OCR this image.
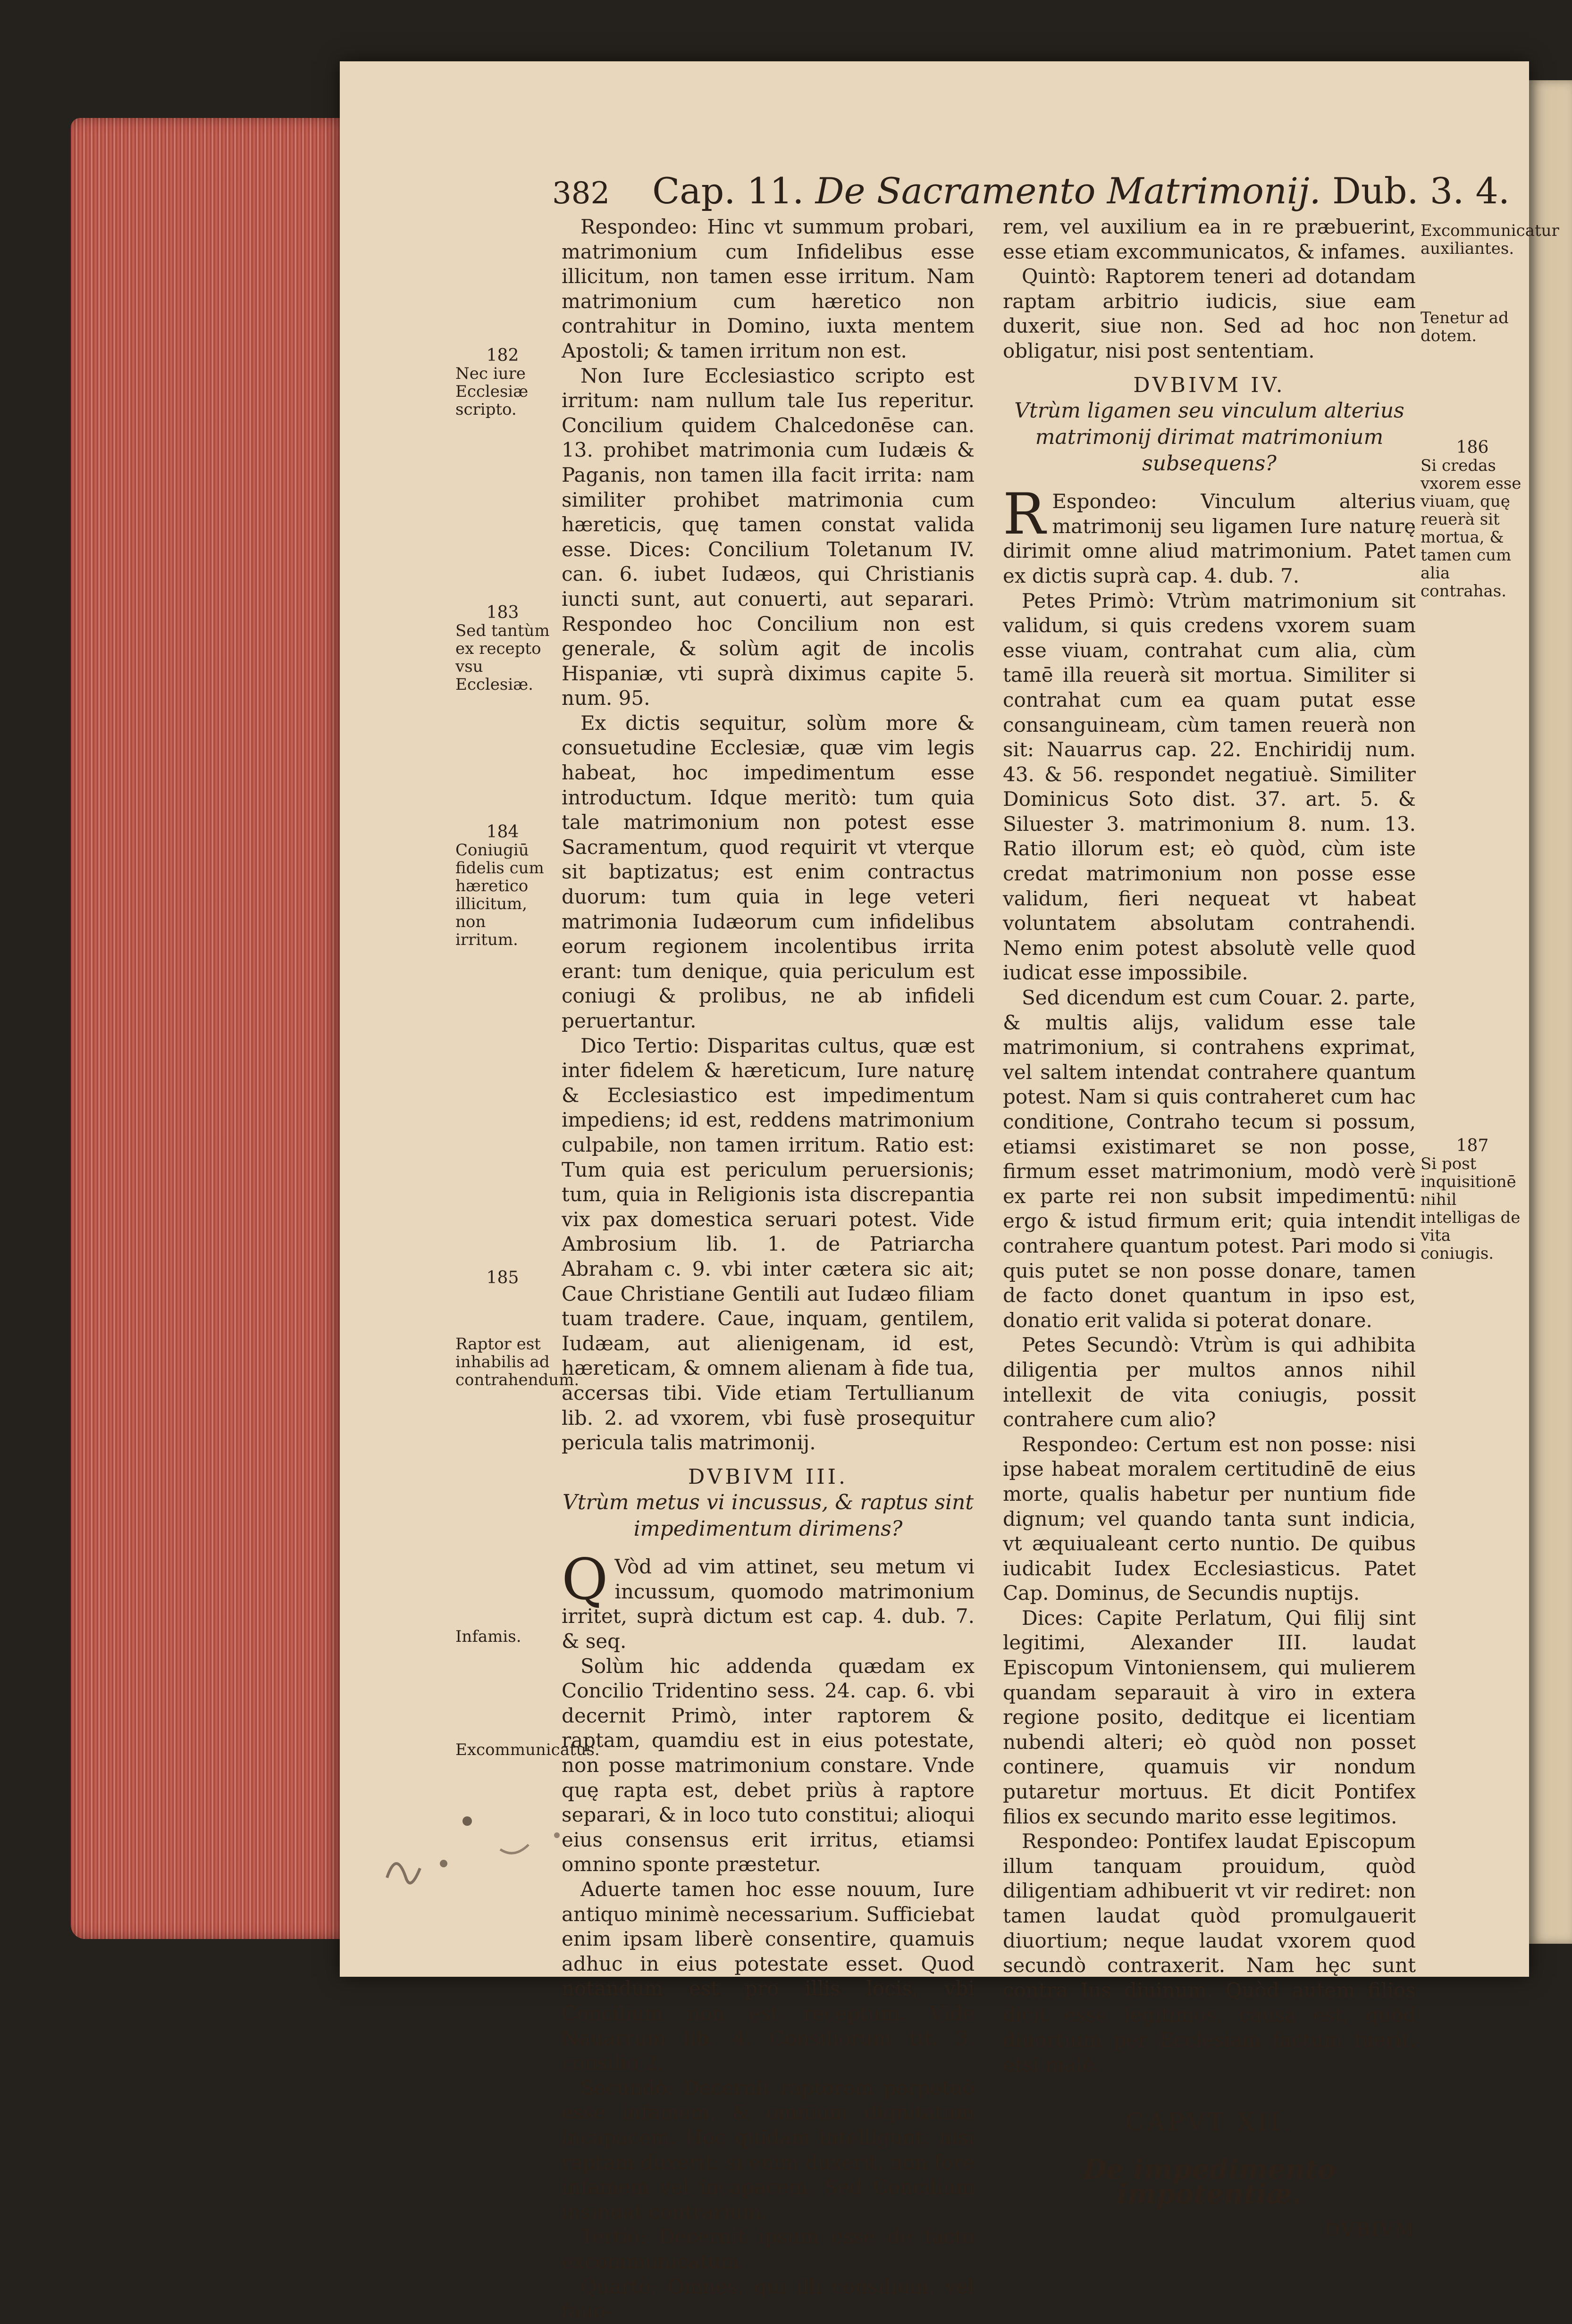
382 Cap. 11.
De Sacramento Matrimonij.
Dub. 3. 4.

Respondeo: Hinc vt summum probari, matrimonium cum Infidelibus esse illicitum, non tamen esse irritum. Nam matrimonium cum hæretico non contrahitur in Domino, iuxta mentem Apostoli; & tamen irritum non est.

Non Iure Ecclesiastico scripto est irritum: nam nullum tale Ius reperitur. Concilium quidem Chalcedonēse can. 13. prohibet matrimonia cum Iudæis & Paganis, non tamen illa facit irrita: nam similiter prohibet matrimonia cum hæreticis, quę tamen constat valida esse. Dices: Concilium Toletanum IV. can. 6. iubet Iudæos, qui Christianis iuncti sunt, aut conuerti, aut separari. Respondeo hoc Concilium non est generale, & solùm agit de incolis Hispaniæ, vti suprà diximus capite 5. num. 95.

Ex dictis sequitur, solùm more & consuetudine Ecclesiæ, quæ vim legis habeat, hoc impedimentum esse introductum. Idque meritò: tum quia tale matrimonium non potest esse Sacramentum, quod requirit vt vterque sit baptizatus; est enim contractus duorum: tum quia in lege veteri matrimonia Iudæorum cum infidelibus eorum regionem incolentibus irrita erant: tum denique, quia periculum est coniugi & prolibus, ne ab infideli peruertantur.

Dico Tertio: Disparitas cultus, quæ est inter fidelem & hæreticum, Iure naturę & Ecclesiastico est impedimentum impediens; id est, reddens matrimonium culpabile, non tamen irritum. Ratio est: Tum quia est periculum peruersionis; tum, quia in Religionis ista discrepantia vix pax domestica seruari potest. Vide Ambrosium lib. 1. de Patriarcha Abraham c. 9. vbi inter cætera sic ait; Caue Christiane Gentili aut Iudæo filiam tuam tradere. Caue, inquam, gentilem, Iudæam, aut alienigenam, id est, hæreticam, & omnem alienam à fide tua, accersas tibi. Vide etiam Tertullianum lib. 2. ad vxorem, vbi fusè prosequitur pericula talis matrimonij.

DVBIVM III.
Vtrùm metus vi incussus, & raptus sint impedimentum dirimens?

Q Vòd ad vim attinet, seu metum vi incussum, quomodo matrimonium irritet, suprà dictum est cap. 4. dub. 7. & seq.

Solùm hic addenda quædam ex Concilio Tridentino sess. 24. cap. 6. vbi decernit Primò, inter raptorem & raptam, quamdiu est in eius potestate, non posse matrimonium constare. Vnde quę rapta est, debet priùs à raptore separari, & in loco tuto constitui; alioqui eius consensus erit irritus, etiamsi omnino sponte præstetur.

Aduerte tamen hoc esse nouum, Iure antiquo minimè necessarium. Sufficiebat enim ipsam liberè consentire, quamuis adhuc in eius potestate esset. Quod notandum est pro illis locis, vbi Concilium non est receptum. Vide Nauarrum lib. 4. Consiliorum tit. 3. consilio 2.

Secundò: Decernit raptorem perpetuò esse infamem, & omnium dignitatum incapacem. Hoc quidam intelligunt, nisi raptam duxerit: si enim duxerit, non fore infamem vel incapacem. Sed Concilium insinuat contrarium.

Tertiò: Decernit ipsum esse de facto excommunicatum.

Quartò: Omnes, qui illi consilium, vel fauo-

rem, vel auxilium ea in re præbuerint, esse etiam excommunicatos, & infames.

Quintò: Raptorem teneri ad dotandam raptam arbitrio iudicis, siue eam duxerit, siue non. Sed ad hoc non obligatur, nisi post sententiam.

DVBIVM IV.
Vtrùm ligamen seu vinculum alterius matrimonij dirimat matrimonium subsequens?

R Espondeo: Vinculum alterius matrimonij seu ligamen Iure naturę dirimit omne aliud matrimonium. Patet ex dictis suprà cap. 4. dub. 7.

Petes Primò: Vtrùm matrimonium sit validum, si quis credens vxorem suam esse viuam, contrahat cum alia, cùm tamē illa reuerà sit mortua. Similiter si contrahat cum ea quam putat esse consanguineam, cùm tamen reuerà non sit: Nauarrus cap. 22. Enchiridij num. 43. & 56. respondet negatiuè. Similiter Dominicus Soto dist. 37. art. 5. & Siluester 3. matrimonium 8. num. 13. Ratio illorum est; eò quòd, cùm iste credat matrimonium non posse esse validum, fieri nequeat vt habeat voluntatem absolutam contrahendi. Nemo enim potest absolutè velle quod iudicat esse impossibile.

Sed dicendum est cum Couar. 2. parte, & multis alijs, validum esse tale matrimonium, si contrahens exprimat, vel saltem intendat contrahere quantum potest. Nam si quis contraheret cum hac conditione, Contraho tecum si possum, etiamsi existimaret se non posse, firmum esset matrimonium, modò verè ex parte rei non subsit impedimentū: ergo & istud firmum erit; quia intendit contrahere quantum potest. Pari modo si quis putet se non posse donare, tamen de facto donet quantum in ipso est, donatio erit valida si poterat donare.

Petes Secundò: Vtrùm is qui adhibita diligentia per multos annos nihil intellexit de vita coniugis, possit contrahere cum alio?

Respondeo: Certum est non posse: nisi ipse habeat moralem certitudinē de eius morte, qualis habetur per nuntium fide dignum; vel quando tanta sunt indicia, vt æquiualeant certo nuntio. De quibus iudicabit Iudex Ecclesiasticus. Patet Cap. Dominus, de Secundis nuptijs.

Dices: Capite Perlatum, Qui filij sint legitimi, Alexander III. laudat Episcopum Vintoniensem, qui mulierem quandam separauit à viro in extera regione posito, deditque ei licentiam nubendi alteri; eò quòd non posset continere, quamuis vir nondum putaretur mortuus. Et dicit Pontifex filios ex secundo marito esse legitimos.

Respondeo: Pontifex laudat Episcopum illum tanquam prouidum, quòd diligentiam adhibuerit vt vir rediret: non tamen laudat quòd promulgauerit diuortium; neque laudat vxorem quod secundò contraxerit. Nam hęc sunt contra Ius diuinum. Quòd autem filios dicit esse legitimos, causa est, quòd diuortium per Ecclesiam factum fuerit, etsi malè.

CAPVT XII.
De impedimento impotentiæ.
DVBIVM
182
Nec iure Ecclesiæ scripto.
183
Sed tantùm ex recepto vsu Ecclesiæ.
184
Coniugiū fidelis cum hæretico illicitum, non irritum.
185
Raptor est inhabilis ad contrahendum.
Infamis.
Excommunicatus.
Excommunicatur auxiliantes.
Tenetur ad dotem.
186
Si credas vxorem esse viuam, quę reuerà sit mortua, & tamen cum alia contrahas.
187
Si post inquisitionē nihil intelligas de vita coniugis.
